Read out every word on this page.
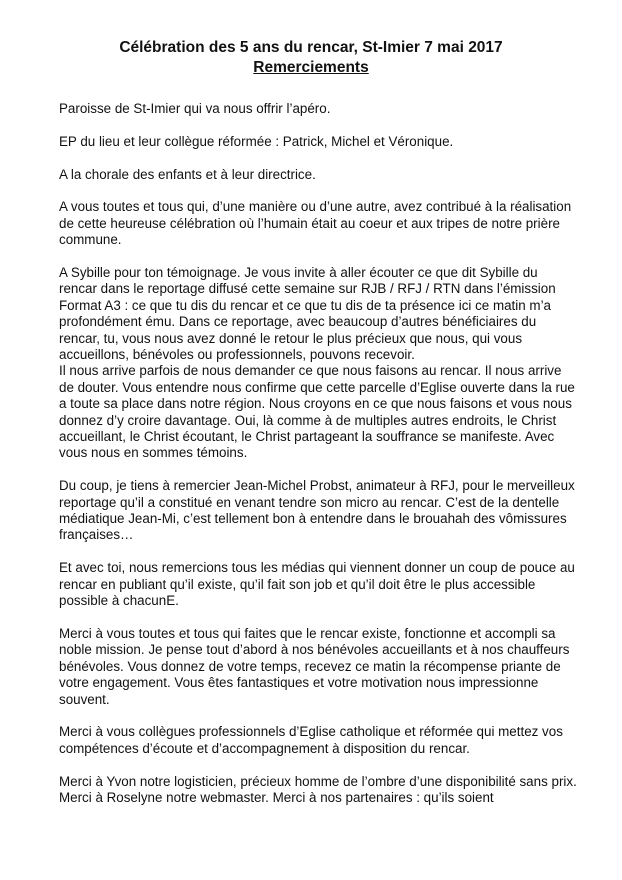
Célébration des 5 ans du rencar, St-Imier 7 mai 2017
Remerciements

Paroisse de St-Imier qui va nous offrir l’apéro.

EP du lieu et leur collègue réformée : Patrick, Michel et Véronique.

A la chorale des enfants et à leur directrice.

A vous toutes et tous qui, d’une manière ou d’une autre, avez contribué à la réalisation de cette heureuse célébration où l’humain était au coeur et aux tripes de notre prière commune.

A Sybille pour ton témoignage. Je vous invite à aller écouter ce que dit Sybille du rencar dans le reportage diffusé cette semaine sur RJB / RFJ / RTN dans l’émission Format A3 : ce que tu dis du rencar et ce que tu dis de ta présence ici ce matin m’a profondément ému. Dans ce reportage, avec beaucoup d’autres bénéficiaires du rencar, tu, vous nous avez donné le retour le plus précieux que nous, qui vous accueillons, bénévoles ou professionnels, pouvons recevoir.

Il nous arrive parfois de nous demander ce que nous faisons au rencar. Il nous arrive de douter. Vous entendre nous confirme que cette parcelle d’Eglise ouverte dans la rue a toute sa place dans notre région. Nous croyons en ce que nous faisons et vous nous donnez d’y croire davantage. Oui, là comme à de multiples autres endroits, le Christ accueillant, le Christ écoutant, le Christ partageant la souffrance se manifeste. Avec vous nous en sommes témoins.

Du coup, je tiens à remercier Jean-Michel Probst, animateur à RFJ, pour le merveilleux reportage qu’il a constitué en venant tendre son micro au rencar. C’est de la dentelle médiatique Jean-Mi, c’est tellement bon à entendre dans le brouahah des vômissures françaises…

Et avec toi, nous remercions tous les médias qui viennent donner un coup de pouce au rencar en publiant qu’il existe, qu’il fait son job et qu’il doit être le plus accessible possible à chacunE.

Merci à vous toutes et tous qui faites que le rencar existe, fonctionne et accompli sa noble mission. Je pense tout d’abord à nos bénévoles accueillants et à nos chauffeurs bénévoles. Vous donnez de votre temps, recevez ce matin la récompense priante de votre engagement. Vous êtes fantastiques et votre motivation nous impressionne souvent.

Merci à vous collègues professionnels d’Eglise catholique et réformée qui mettez vos compétences d’écoute et d’accompagnement à disposition du rencar.

Merci à Yvon notre logisticien, précieux homme de l’ombre d’une disponibilité sans prix. Merci à Roselyne notre webmaster. Merci à nos partenaires : qu’ils soient
